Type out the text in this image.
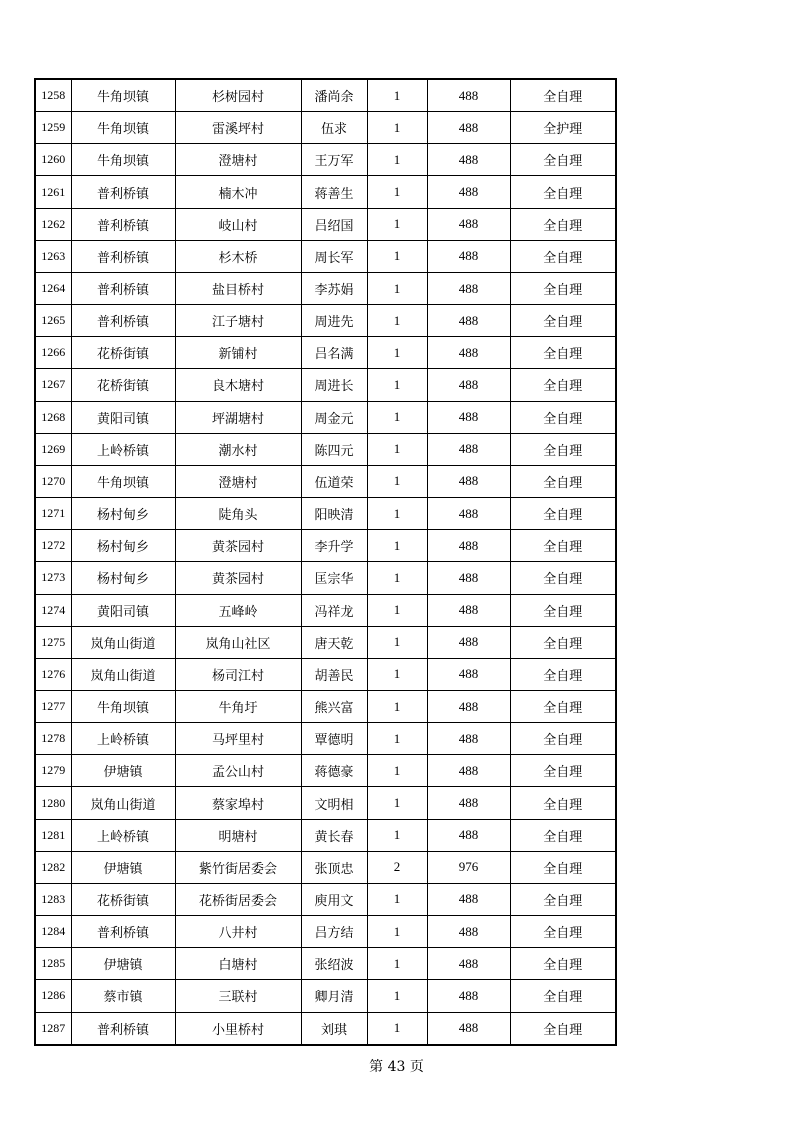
1258	牛角坝镇	杉树园村	潘尚余	1	488	全自理
1259	牛角坝镇	雷溪坪村	伍求	1	488	全护理
1260	牛角坝镇	澄塘村	王万军	1	488	全自理
1261	普利桥镇	楠木冲	蒋善生	1	488	全自理
1262	普利桥镇	岐山村	吕绍国	1	488	全自理
1263	普利桥镇	杉木桥	周长军	1	488	全自理
1264	普利桥镇	盐目桥村	李苏娟	1	488	全自理
1265	普利桥镇	江子塘村	周进先	1	488	全自理
1266	花桥街镇	新铺村	吕名满	1	488	全自理
1267	花桥街镇	良木塘村	周进长	1	488	全自理
1268	黄阳司镇	坪湖塘村	周金元	1	488	全自理
1269	上岭桥镇	潮水村	陈四元	1	488	全自理
1270	牛角坝镇	澄塘村	伍道荣	1	488	全自理
1271	杨村甸乡	陡角头	阳映清	1	488	全自理
1272	杨村甸乡	黄茶园村	李升学	1	488	全自理
1273	杨村甸乡	黄茶园村	匡宗华	1	488	全自理
1274	黄阳司镇	五峰岭	冯祥龙	1	488	全自理
1275	岚角山街道	岚角山社区	唐天乾	1	488	全自理
1276	岚角山街道	杨司江村	胡善民	1	488	全自理
1277	牛角坝镇	牛角圩	熊兴富	1	488	全自理
1278	上岭桥镇	马坪里村	覃德明	1	488	全自理
1279	伊塘镇	孟公山村	蒋德豪	1	488	全自理
1280	岚角山街道	蔡家埠村	文明相	1	488	全自理
1281	上岭桥镇	明塘村	黄长春	1	488	全自理
1282	伊塘镇	紫竹街居委会	张顶忠	2	976	全自理
1283	花桥街镇	花桥街居委会	庾用文	1	488	全自理
1284	普利桥镇	八井村	吕方结	1	488	全自理
1285	伊塘镇	白塘村	张绍波	1	488	全自理
1286	蔡市镇	三联村	卿月清	1	488	全自理
1287	普利桥镇	小里桥村	刘琪	1	488	全自理
第 43 页
